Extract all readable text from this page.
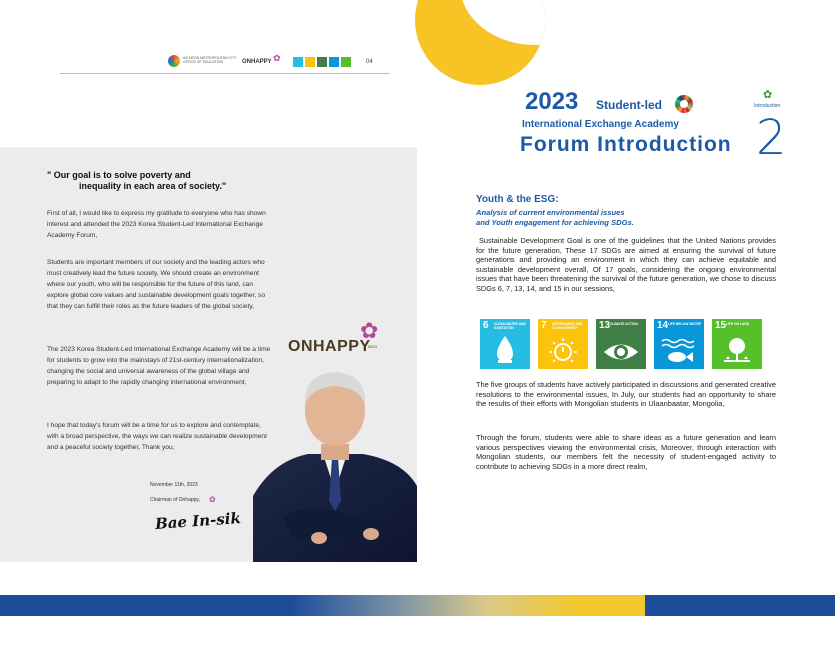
INCHEON METROPOLITAN CITY
OFFICE OF EDUCATION	ONHAPPY ✿	04
" Our goal is to solve poverty and
inequality in each area of society."
First of all, I would like to express my gratitude to everyone who has shown interest and attended the 2023 Korea Student-Led International Exchange Academy Forum,
Students are important members of our society and the leading actors who must creatively lead the future society, We should create an environment where our youth, who will be responsible for the future of this land, can explore global core values and sustainable development goals together, so that they can fulfill their roles as the future leaders of the global society,
The 2023 Korea Student-Led International Exchange Academy will be a time for students to grow into the mainstays of 21st-century internationalization, changing the social and universal awareness of the global village and preparing to adapt to the rapidly changing international environment,
I hope that today's forum will be a time for us to explore and contemplate, with a broad perspective, the ways we can realize sustainable development and a peaceful society together, Thank you,
November 11th, 2023
Chairman of Onhappy, ✿
Bae In-sik
✿
ONHAPPY
NGO
2023 Student-led
International Exchange Academy
Forum Introduction
✿
Introduction
2
Youth & the ESG:
Analysis of current environmental issues
and Youth engagement for achieving SDGs.
Sustainable Development Goal is one of the guidelines that the United Nations provides for the future generation, These 17 SDGs are aimed at ensuring the survival of future generations and providing an environment in which they can achieve equitable and sustainable development overall, Of 17 goals, considering the ongoing environmental issues that have been threatening the survival of the future generation, we chose to discuss SDGs 6, 7, 13, 14, and 15 in our sessions,
6 CLEAN WATER AND SANITATION	7 AFFORDABLE AND CLEAN ENERGY	13 CLIMATE ACTION	14 LIFE BELOW WATER 15 LIFE ON LAND
The five groups of students have actively participated in discussions and generated creative resolutions to the environmental issues, In July, our students had an opportunity to share the results of their efforts with Mongolian students in Ulaanbaatar, Mongolia,
Through the forum, students were able to share ideas as a future generation and learn various perspectives viewing the environmental crisis, Moreover, through interaction with Mongolian students, our members felt the necessity of student-engaged activity to contribute to achieving SDGs in a more direct realm,
